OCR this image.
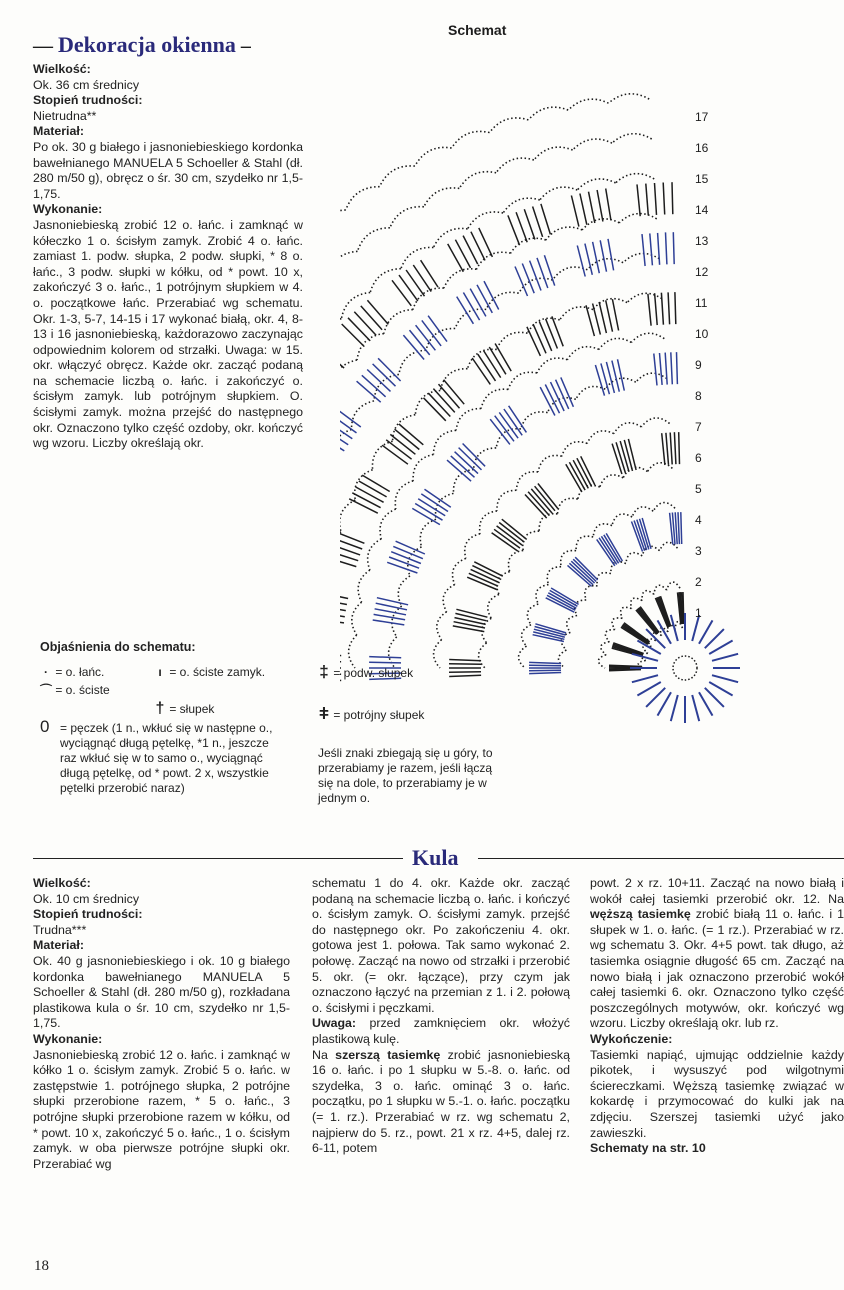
— Dekoracja okienna –

Wielkość:

Ok. 36 cm średnicy

Stopień trudności:

Nietrudna**

Materiał:

Po ok. 30 g białego i jasnoniebieskiego kordonka bawełnianego MANUELA 5 Schoeller & Stahl (dł. 280 m/50 g), obręcz o śr. 30 cm, szydełko nr 1,5-1,75.

Wykonanie:

Jasnoniebieską zrobić 12 o. łańc. i zamknąć w kółeczko 1 o. ścisłym zamyk. Zrobić 4 o. łańc. zamiast 1. podw. słupka, 2 podw. słupki, * 8 o. łańc., 3 podw. słupki w kółku, od * powt. 10 x, zakończyć 3 o. łańc., 1 potrójnym słupkiem w 4. o. początkowe łańc. Przerabiać wg schematu. Okr. 1-3, 5-7, 14-15 i 17 wykonać białą, okr. 4, 8-13 i 16 jasnoniebieską, każdorazowo zaczynając odpowiednim kolorem od strzałki. Uwaga: w 15. okr. włączyć obręcz. Każde okr. zacząć podaną na schemacie liczbą o. łańc. i zakończyć o. ścisłym zamyk. lub potrójnym słupkiem. O. ścisłymi zamyk. można przejść do następnego okr. Oznaczono tylko część ozdoby, okr. kończyć wg wzoru. Liczby określają okr.

Schemat
1
2
3
4
5
6
7
8
9
10
11
12
13
14
15
16
17
Objaśnienia do schematu:
· = o. łańc.	ı = o. ściste zamyk.
⌒ = o. ściste
† = słupek
0 = pęczek (1 n., wkłuć się w następne o., wyciągnąć długą pętelkę, *1 n., jeszcze raz wkłuć się w to samo o., wyciągnąć długą pętelkę, od * powt. 2 x, wszystkie pętelki przerobić naraz)
‡ = podw. słupek
ǂ = potrójny słupek
Jeśli znaki zbiegają się u góry, to przerabiamy je razem, jeśli łączą się na dole, to przerabiamy je w jednym o.
Kula

Wielkość:

Ok. 10 cm średnicy

Stopień trudności:

Trudna***

Materiał:

Ok. 40 g jasnoniebieskiego i ok. 10 g białego kordonka bawełnianego MANUELA 5 Schoeller & Stahl (dł. 280 m/50 g), rozkładana plastikowa kula o śr. 10 cm, szydełko nr 1,5-1,75.

Wykonanie:

Jasnoniebieską zrobić 12 o. łańc. i zamknąć w kółko 1 o. ścisłym zamyk. Zrobić 5 o. łańc. w zastępstwie 1. potrójnego słupka, 2 potrójne słupki przerobione razem, * 5 o. łańc., 3 potrójne słupki przerobione razem w kółku, od * powt. 10 x, zakończyć 5 o. łańc., 1 o. ścisłym zamyk. w oba pierwsze potrójne słupki okr. Przerabiać wg

schematu 1 do 4. okr. Każde okr. zacząć podaną na schemacie liczbą o. łańc. i kończyć o. ścisłym zamyk. O. ścisłymi zamyk. przejść do następnego okr. Po zakończeniu 4. okr. gotowa jest 1. połowa. Tak samo wykonać 2. połowę. Zacząć na nowo od strzałki i przerobić 5. okr. (= okr. łączące), przy czym jak oznaczono łączyć na przemian z 1. i 2. połową o. ścisłymi i pęczkami.

Uwaga: przed zamknięciem okr. włożyć plastikową kulę.

Na szerszą tasiemkę zrobić jasnoniebieską 16 o. łańc. i po 1 słupku w 5.-8. o. łańc. od szydełka, 3 o. łańc. ominąć 3 o. łańc. początku, po 1 słupku w 5.-1. o. łańc. początku (= 1. rz.). Przerabiać w rz. wg schematu 2, najpierw do 5. rz., powt. 21 x rz. 4+5, dalej rz. 6-11, potem

powt. 2 x rz. 10+11. Zacząć na nowo białą i wokół całej tasiemki przerobić okr. 12. Na węższą tasiemkę zrobić białą 11 o. łańc. i 1 słupek w 1. o. łańc. (= 1 rz.). Przerabiać w rz. wg schematu 3. Okr. 4+5 powt. tak długo, aż tasiemka osiągnie długość 65 cm. Zacząć na nowo białą i jak oznaczono przerobić wokół całej tasiemki 6. okr. Oznaczono tylko część poszczególnych motywów, okr. kończyć wg wzoru. Liczby określają okr. lub rz.

Wykończenie:

Tasiemki napiąć, ujmując oddzielnie każdy pikotek, i wysuszyć pod wilgotnymi ściereczkami. Węższą tasiemkę związać w kokardę i przymocować do kulki jak na zdjęciu. Szerszej tasiemki użyć jako zawieszki.

Schematy na str. 10

18
